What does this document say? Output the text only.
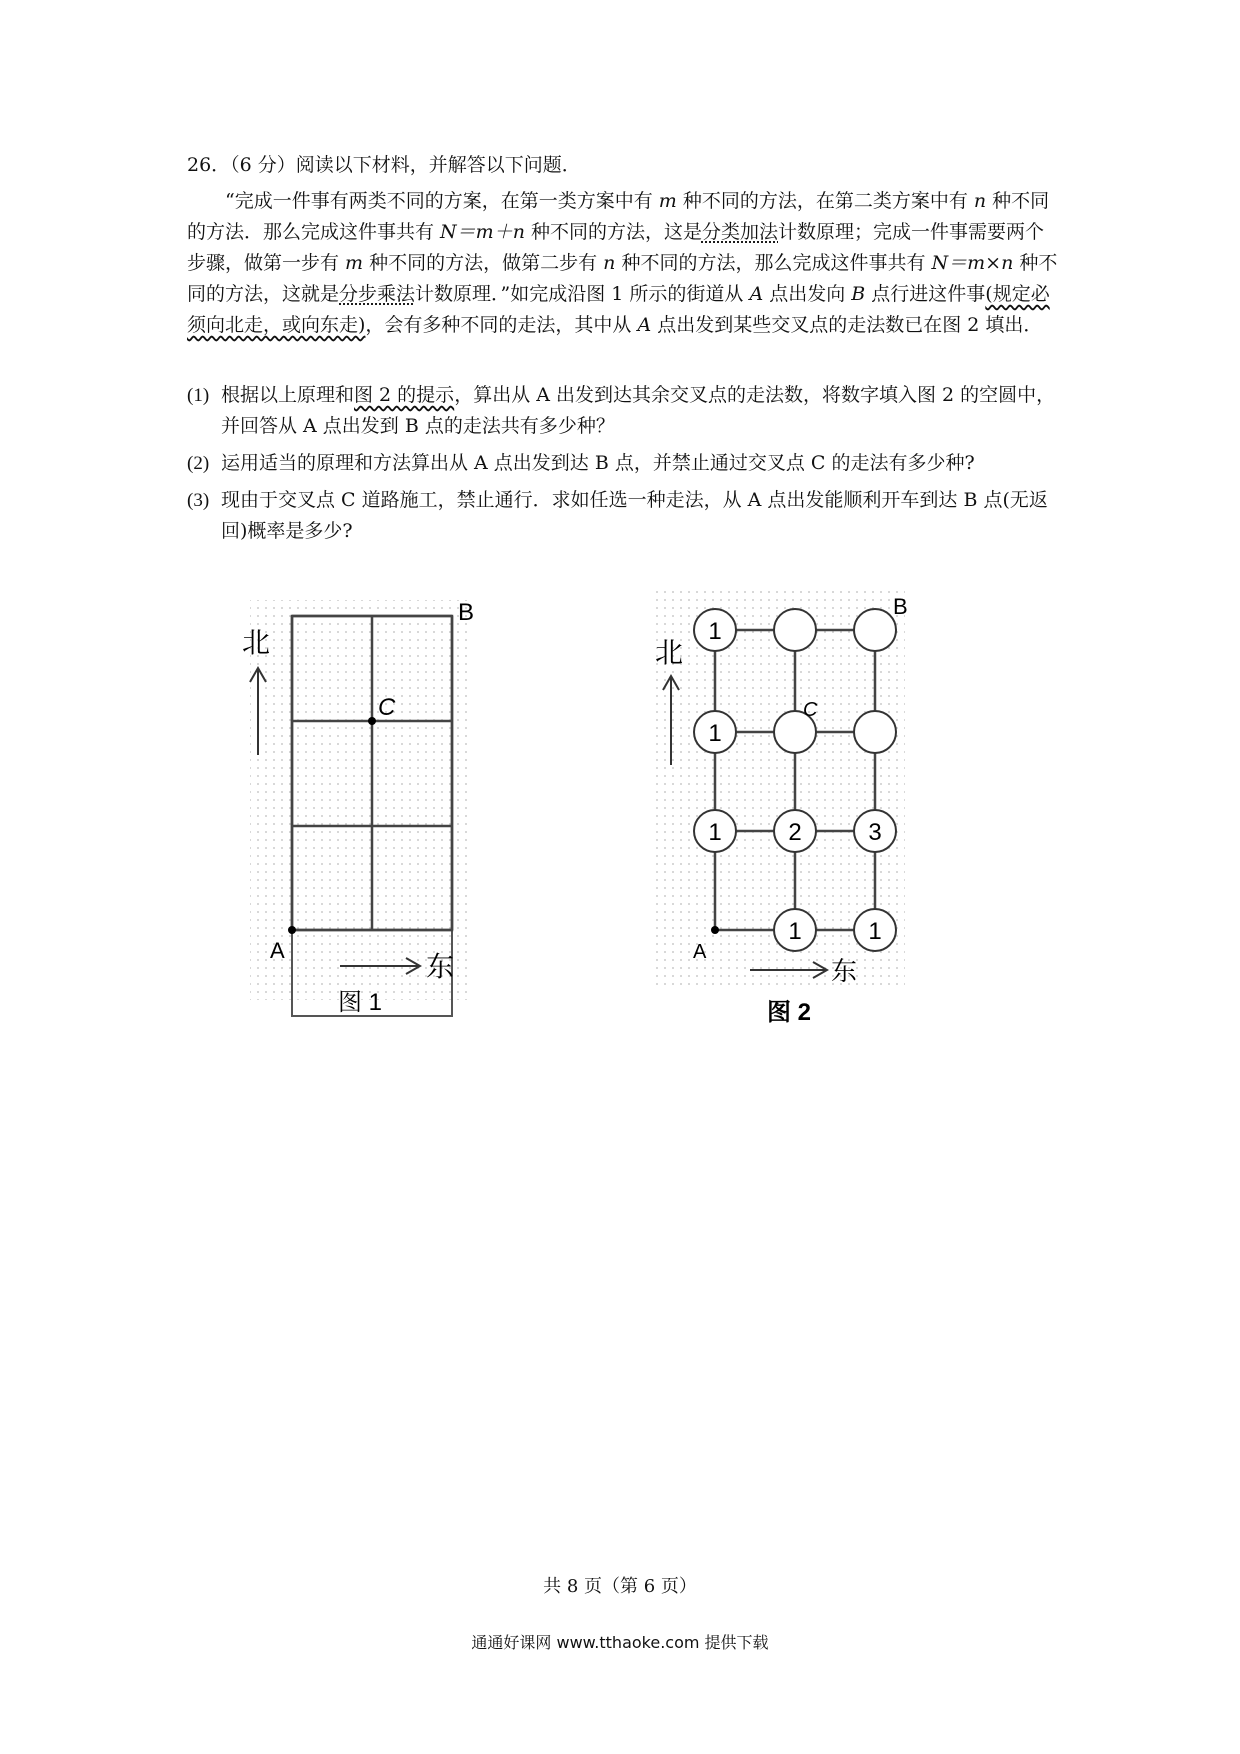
26．（6 分）阅读以下材料，并解答以下问题．
“完成一件事有两类不同的方案，在第一类方案中有 m 种不同的方法，在第二类方案中有 n 种不同的方法．那么完成这件事共有 N＝m＋n 种不同的方法，这是分类加法计数原理；完成一件事需要两个步骤，做第一步有 m 种不同的方法，做第二步有 n 种不同的方法，那么完成这件事共有 N＝m×n 种不同的方法，这就是分步乘法计数原理．”如完成沿图 1 所示的街道从 A 点出发向 B 点行进这件事(规定必须向北走，或向东走)，会有多种不同的走法，其中从 A 点出发到某些交叉点的走法数已在图 2 填出．
(1) 根据以上原理和图 2 的提示，算出从 A 出发到达其余交叉点的走法数，将数字填入图 2 的空圆中，并回答从 A 点出发到 B 点的走法共有多少种？
(2) 运用适当的原理和方法算出从 A 点出发到达 B 点，并禁止通过交叉点 C 的走法有多少种?
(3) 现由于交叉点 C 道路施工，禁止通行．求如任选一种走法，从 A 点出发能顺利开车到达 B 点(无返回)概率是多少?
A
B
C
北
东
图 1
1
1
1	2	3
1	1
C
B
A
北
东
图 2
共 8 页（第 6 页）
通通好课网 www.tthaoke.com 提供下载
